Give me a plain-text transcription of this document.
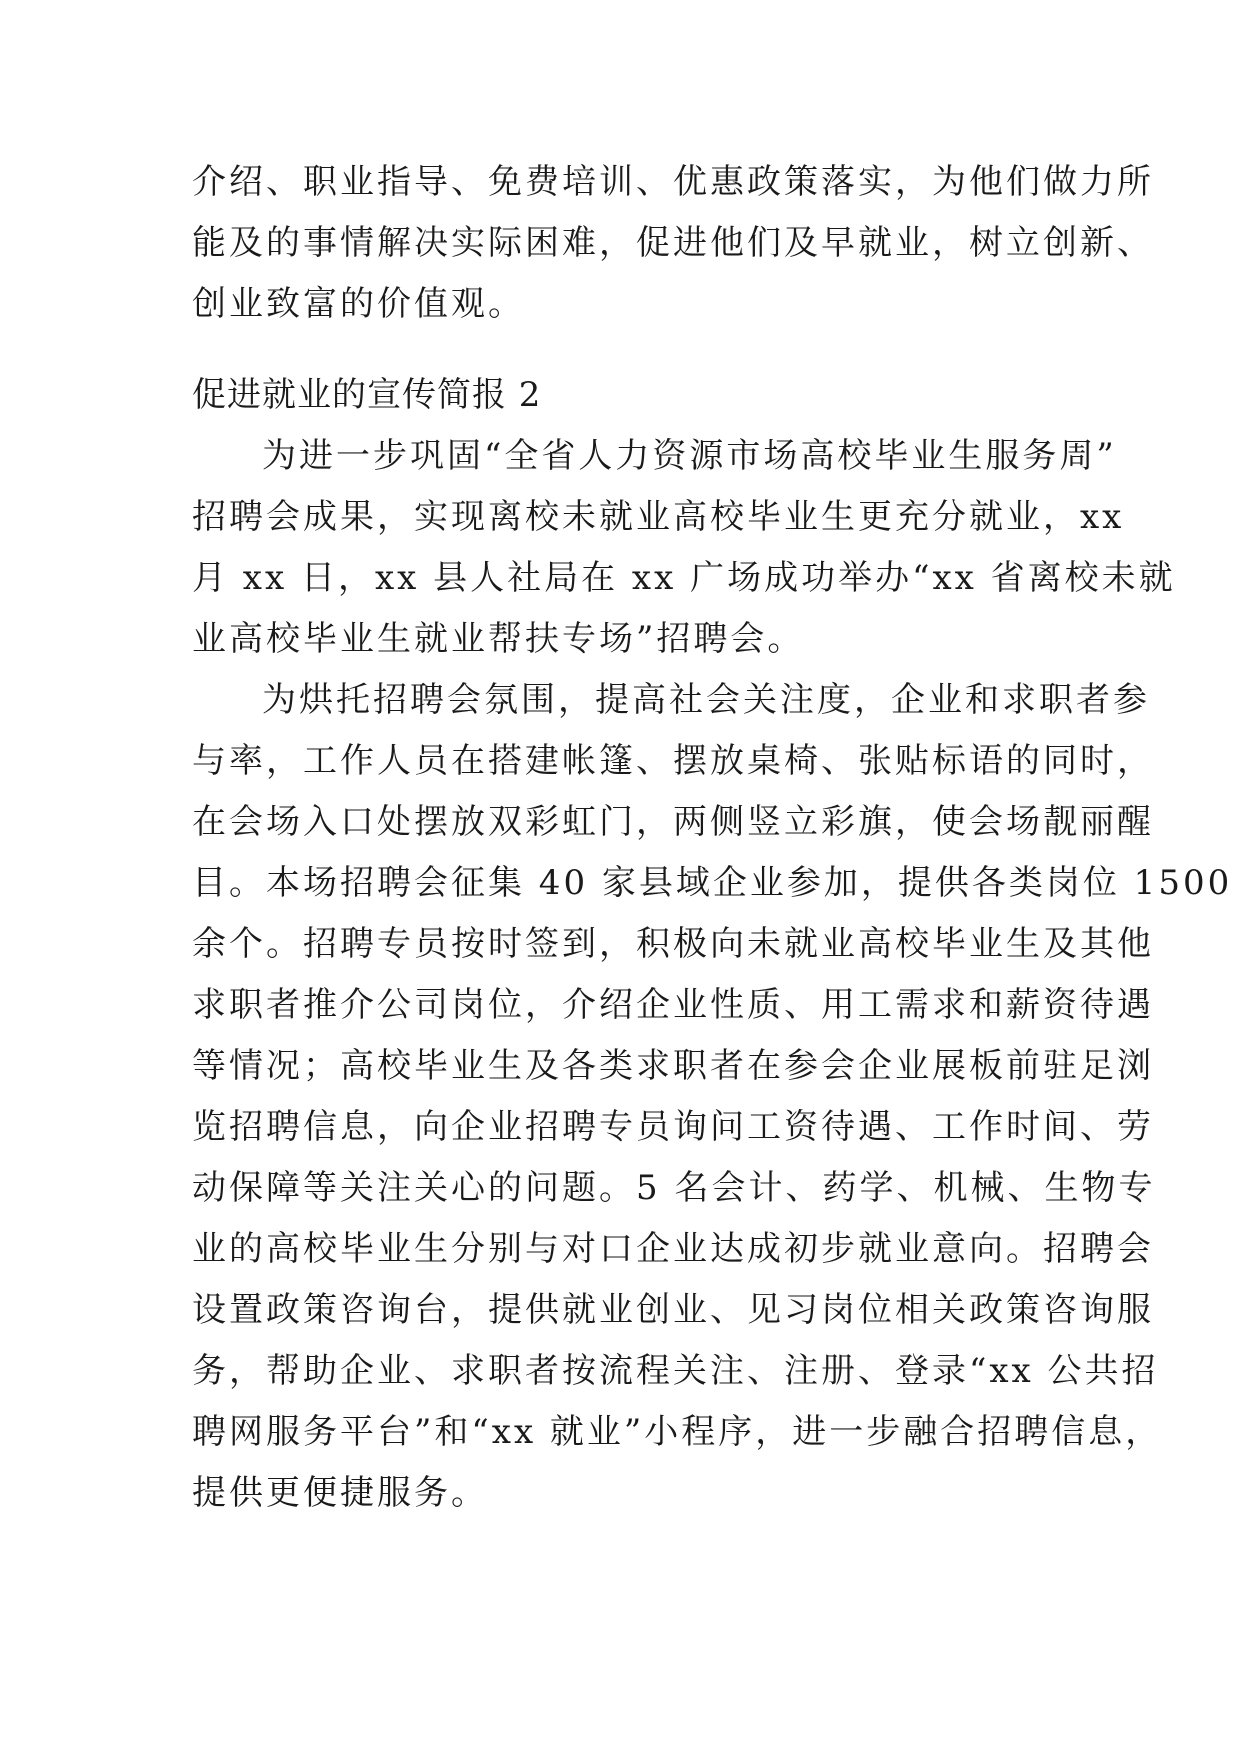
介绍、职业指导、免费培训、优惠政策落实，为他们做力所
能及的事情解决实际困难，促进他们及早就业，树立创新、
创业致富的价值观。
促进就业的宣传简报 2
为进一步巩固“全省人力资源市场高校毕业生服务周”
招聘会成果，实现离校未就业高校毕业生更充分就业，xx
月 xx 日，xx 县人社局在 xx 广场成功举办“xx 省离校未就
业高校毕业生就业帮扶专场”招聘会。
为烘托招聘会氛围，提高社会关注度，企业和求职者参
与率，工作人员在搭建帐篷、摆放桌椅、张贴标语的同时，
在会场入口处摆放双彩虹门，两侧竖立彩旗，使会场靓丽醒
目。本场招聘会征集 40 家县域企业参加，提供各类岗位 1500
余个。招聘专员按时签到，积极向未就业高校毕业生及其他
求职者推介公司岗位，介绍企业性质、用工需求和薪资待遇
等情况；高校毕业生及各类求职者在参会企业展板前驻足浏
览招聘信息，向企业招聘专员询问工资待遇、工作时间、劳
动保障等关注关心的问题。5 名会计、药学、机械、生物专
业的高校毕业生分别与对口企业达成初步就业意向。招聘会
设置政策咨询台，提供就业创业、见习岗位相关政策咨询服
务，帮助企业、求职者按流程关注、注册、登录“xx 公共招
聘网服务平台”和“xx 就业”小程序，进一步融合招聘信息，
提供更便捷服务。
